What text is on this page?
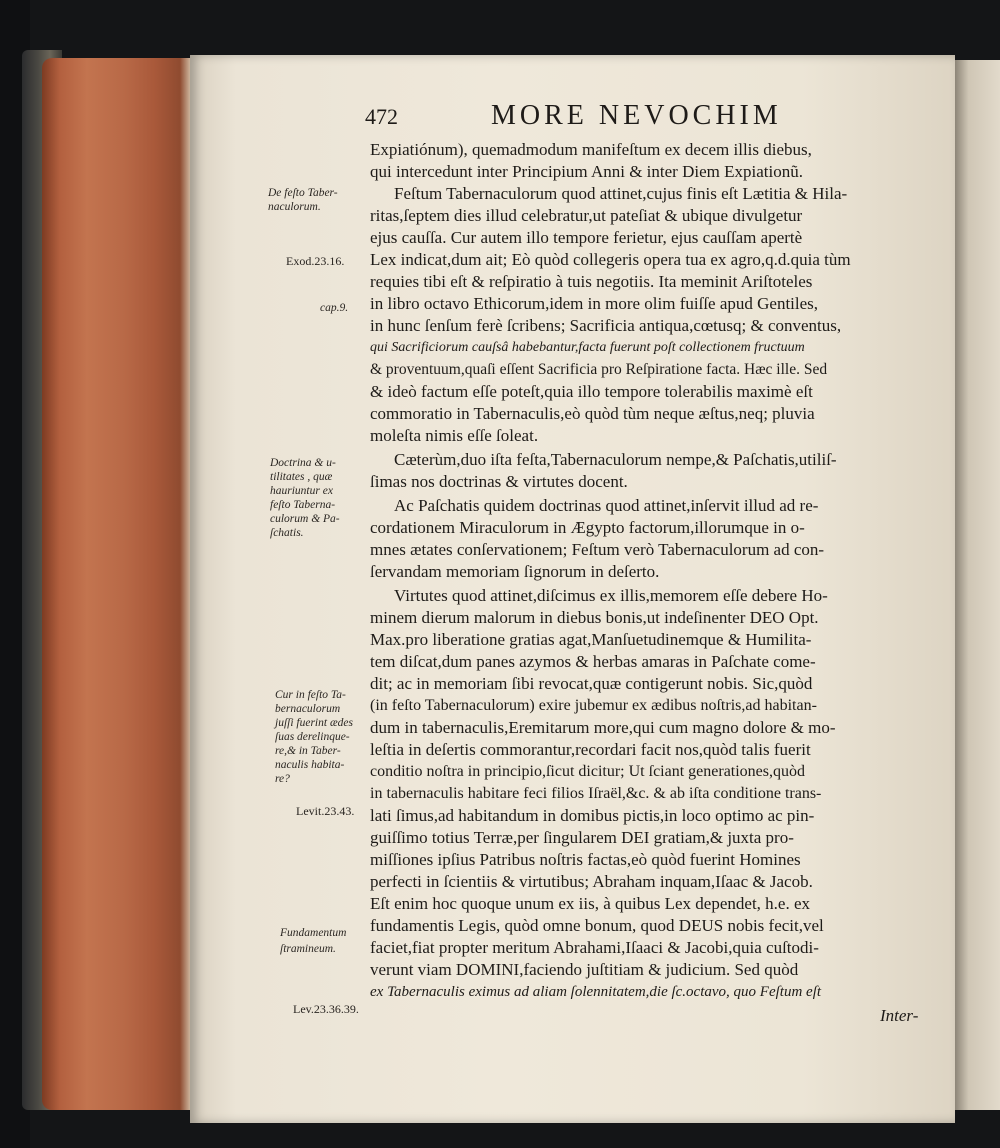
472	MORE NEVOCHIM
Expiatiónum), quemadmodum manifeſtum ex decem illis diebus,
qui intercedunt inter Principium Anni & inter Diem Expiationũ.
Feſtum Tabernaculorum quod attinet,cujus finis eſt Lætitia & Hila-
ritas,ſeptem dies illud celebratur,ut pateſiat & ubique divulgetur
ejus cauſſa. Cur autem illo tempore ferietur, ejus cauſſam apertè
Lex indicat,dum ait; Eò quòd collegeris opera tua ex agro,q.d.quia tùm
requies tibi eſt & reſpiratio à tuis negotiis. Ita meminit Ariſtoteles
in libro octavo Ethicorum,idem in more olim fuiſſe apud Gentiles,
in hunc ſenſum ferè ſcribens; Sacrificia antiqua,cœtusq; & conventus,
qui Sacrificiorum cauſsâ habebantur,facta fuerunt poſt collectionem fructuum
& proventuum,quaſi eſſent Sacrificia pro Reſpiratione facta. Hæc ille. Sed
& ideò factum eſſe poteſt,quia illo tempore tolerabilis maximè eſt
commoratio in Tabernaculis,eò quòd tùm neque æſtus,neq; pluvia
moleſta nimis eſſe ſoleat.
Cæterùm,duo iſta feſta,Tabernaculorum nempe,& Paſchatis,utiliſ-
ſimas nos doctrinas & virtutes docent.
Ac Paſchatis quidem doctrinas quod attinet,inſervit illud ad re-
cordationem Miraculorum in Ægypto factorum,illorumque in o-
mnes ætates conſervationem; Feſtum verò Tabernaculorum ad con-
ſervandam memoriam ſignorum in deſerto.
Virtutes quod attinet,diſcimus ex illis,memorem eſſe debere Ho-
minem dierum malorum in diebus bonis,ut indeſinenter DEO Opt.
Max.pro liberatione gratias agat,Manſuetudinemque & Humilita-
tem diſcat,dum panes azymos & herbas amaras in Paſchate come-
dit; ac in memoriam ſibi revocat,quæ contigerunt nobis. Sic,quòd
(in feſto Tabernaculorum) exire jubemur ex ædibus noſtris,ad habitan-
dum in tabernaculis,Eremitarum more,qui cum magno dolore & mo-
leſtia in deſertis commorantur,recordari facit nos,quòd talis fuerit
conditio noſtra in principio,ſicut dicitur; Ut ſciant generationes,quòd
in tabernaculis habitare feci filios Iſraël,&c. & ab iſta conditione trans-
lati ſimus,ad habitandum in domibus pictis,in loco optimo ac pin-
guiſſimo totius Terræ,per ſingularem DEI gratiam,& juxta pro-
miſſiones ipſius Patribus noſtris factas,eò quòd fuerint Homines
perfecti in ſcientiis & virtutibus; Abraham inquam,Iſaac & Jacob.
Eſt enim hoc quoque unum ex iis, à quibus Lex dependet, h.e. ex
fundamentis Legis, quòd omne bonum, quod DEUS nobis fecit,vel
faciet,fiat propter meritum Abrahami,Iſaaci & Jacobi,quia cuſtodi-
verunt viam DOMINI,faciendo juſtitiam & judicium. Sed quòd
ex Tabernaculis eximus ad aliam ſolennitatem,die ſc.octavo, quo Feſtum eſt
Inter-
De feſto Taber-
naculorum.
Exod.23.16.
cap.9.
Doctrina & u-
tilitates , quæ
hauriuntur ex
feſto Taberna-
culorum & Pa-
ſchatis.
Cur in feſto Ta-
bernaculorum
juſſi fuerint ædes
ſuas derelinque-
re,& in Taber-
naculis habita-
re?
Levit.23.43.
Fundamentum
ſtramineum.
Lev.23.36.39.
